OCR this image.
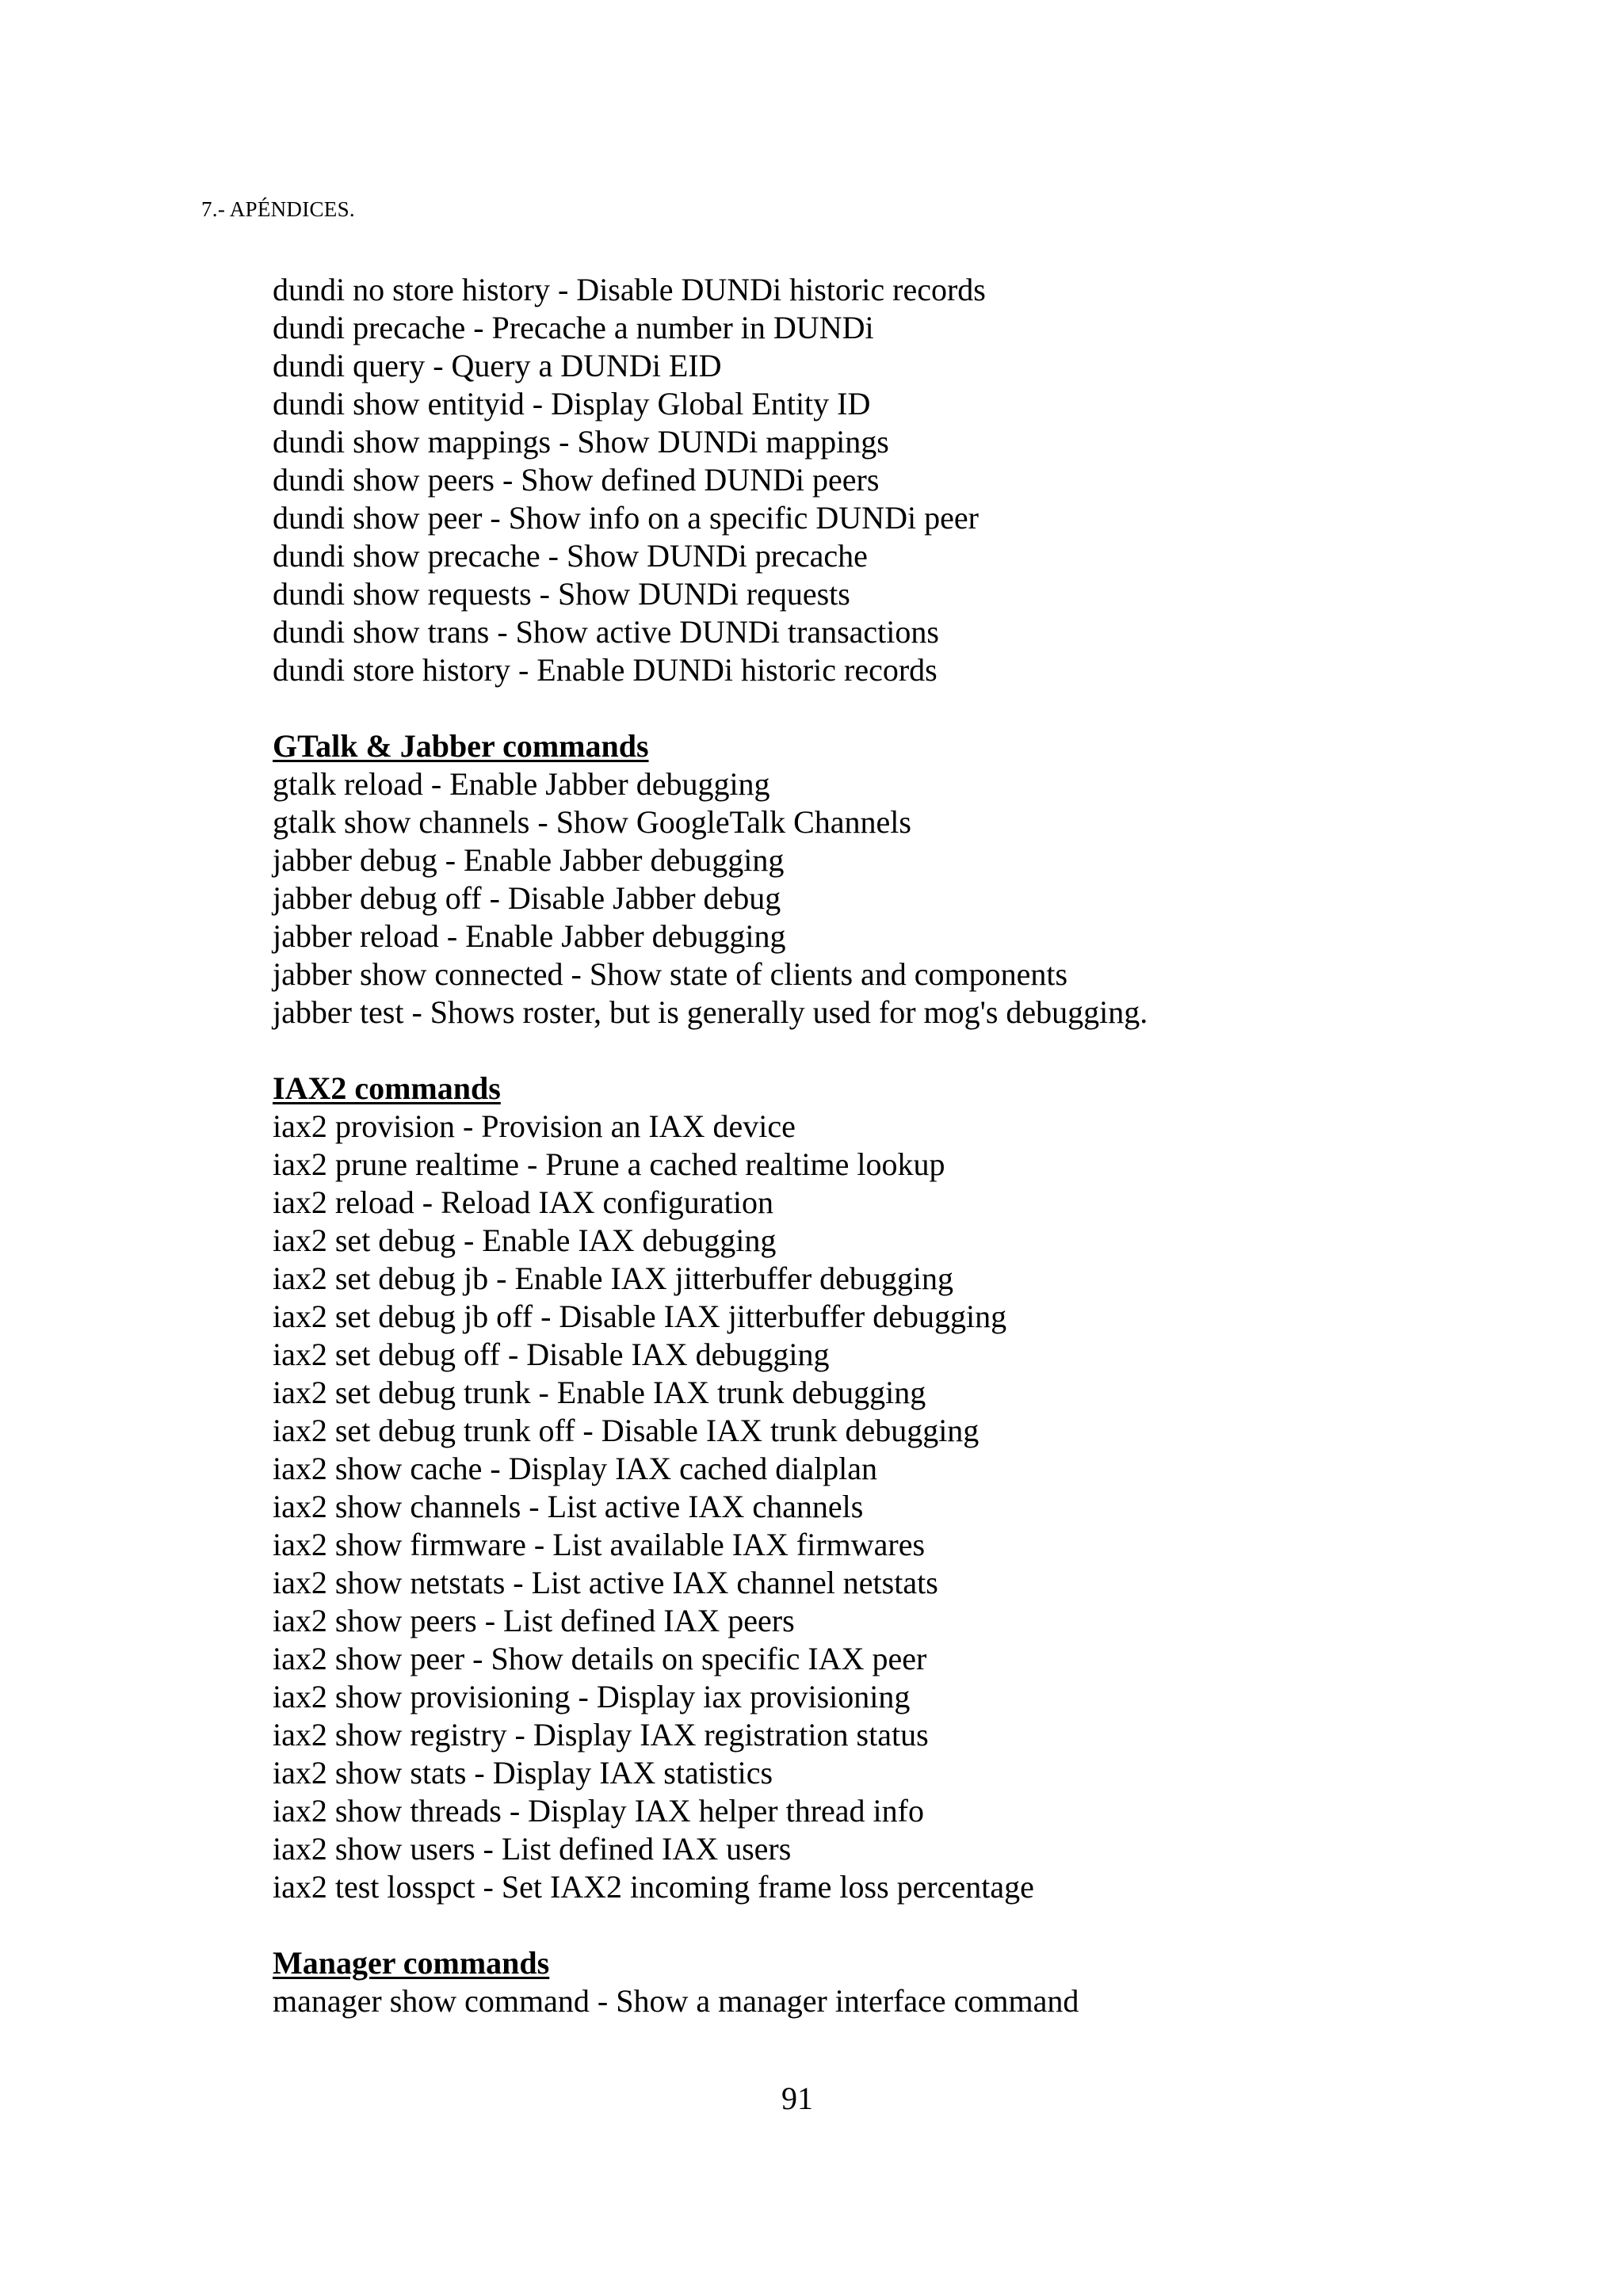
7.- APÉNDICES.
dundi no store history - Disable DUNDi historic records
dundi precache - Precache a number in DUNDi
dundi query - Query a DUNDi EID
dundi show entityid - Display Global Entity ID
dundi show mappings - Show DUNDi mappings
dundi show peers - Show defined DUNDi peers
dundi show peer - Show info on a specific DUNDi peer
dundi show precache - Show DUNDi precache
dundi show requests - Show DUNDi requests
dundi show trans - Show active DUNDi transactions
dundi store history - Enable DUNDi historic records
GTalk & Jabber commands
gtalk reload - Enable Jabber debugging
gtalk show channels - Show GoogleTalk Channels
jabber debug - Enable Jabber debugging
jabber debug off - Disable Jabber debug
jabber reload - Enable Jabber debugging
jabber show connected - Show state of clients and components
jabber test - Shows roster, but is generally used for mog's debugging.
IAX2 commands
iax2 provision - Provision an IAX device
iax2 prune realtime - Prune a cached realtime lookup
iax2 reload - Reload IAX configuration
iax2 set debug - Enable IAX debugging
iax2 set debug jb - Enable IAX jitterbuffer debugging
iax2 set debug jb off - Disable IAX jitterbuffer debugging
iax2 set debug off - Disable IAX debugging
iax2 set debug trunk - Enable IAX trunk debugging
iax2 set debug trunk off - Disable IAX trunk debugging
iax2 show cache - Display IAX cached dialplan
iax2 show channels - List active IAX channels
iax2 show firmware - List available IAX firmwares
iax2 show netstats - List active IAX channel netstats
iax2 show peers - List defined IAX peers
iax2 show peer - Show details on specific IAX peer
iax2 show provisioning - Display iax provisioning
iax2 show registry - Display IAX registration status
iax2 show stats - Display IAX statistics
iax2 show threads - Display IAX helper thread info
iax2 show users - List defined IAX users
iax2 test losspct - Set IAX2 incoming frame loss percentage
Manager commands
manager show command - Show a manager interface command
91
